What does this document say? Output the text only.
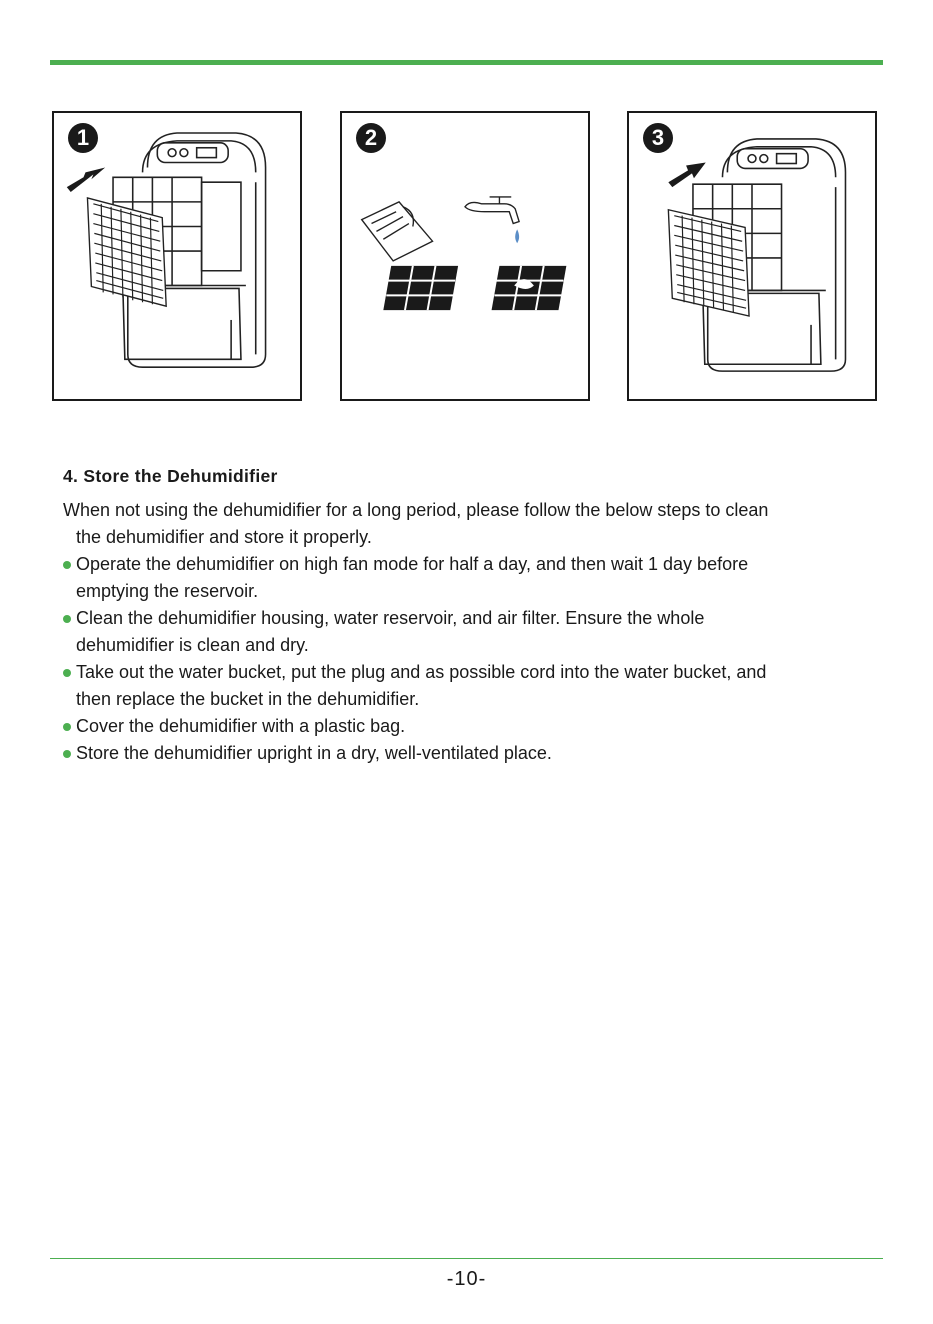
1	2	3
4. Store the Dehumidifier

When not using the dehumidifier for a long period, please follow the below steps to clean
the dehumidifier and store it properly.

Operate the dehumidifier on high fan mode for half a day, and then wait 1 day before
emptying the reservoir.
Clean the dehumidifier housing, water reservoir, and air filter. Ensure the whole
dehumidifier is clean and dry.
Take out the water bucket, put the plug and as possible cord into the water bucket, and
then replace the bucket in the dehumidifier.
Cover the dehumidifier with a plastic bag.
Store the dehumidifier upright in a dry, well-ventilated place.
-10-
